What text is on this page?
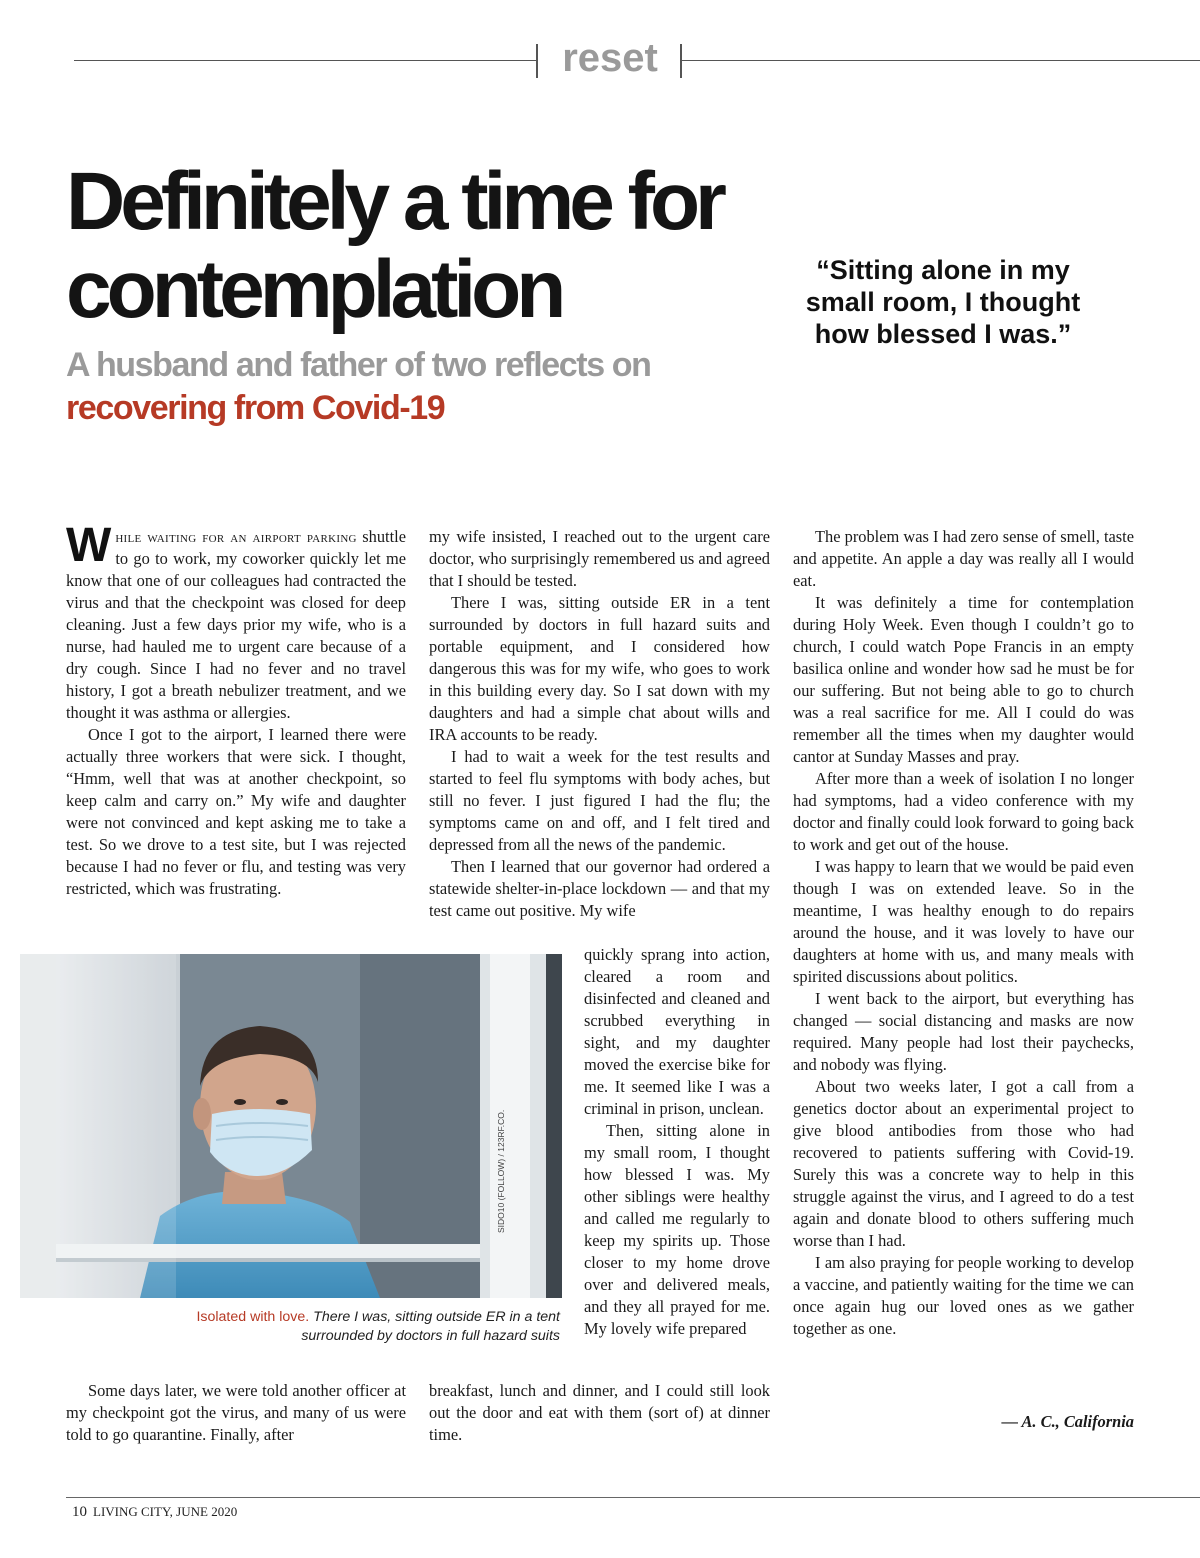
reset
Definitely a time for contemplation
A husband and father of two reflects on recovering from Covid-19

“Sitting alone in my small room, I thought how blessed I was.”

While waiting for an airport parking shuttle to go to work, my coworker quickly let me know that one of our colleagues had contracted the virus and that the checkpoint was closed for deep cleaning. Just a few days prior my wife, who is a nurse, had hauled me to urgent care because of a dry cough. Since I had no fever and no travel history, I got a breath nebulizer treatment, and we thought it was asthma or allergies.

Once I got to the airport, I learned there were actually three workers that were sick. I thought, “Hmm, well that was at another checkpoint, so keep calm and carry on.” My wife and daughter were not convinced and kept asking me to take a test. So we drove to a test site, but I was rejected because I had no fever or flu, and testing was very restricted, which was frustrating.

Some days later, we were told another officer at my checkpoint got the virus, and many of us were told to go quarantine. Finally, after

my wife insisted, I reached out to the urgent care doctor, who surprisingly remembered us and agreed that I should be tested.

There I was, sitting outside ER in a tent surrounded by doctors in full hazard suits and portable equipment, and I considered how dangerous this was for my wife, who goes to work in this building every day. So I sat down with my daughters and had a simple chat about wills and IRA accounts to be ready.

I had to wait a week for the test results and started to feel flu symptoms with body aches, but still no fever. I just figured I had the flu; the symptoms came on and off, and I felt tired and depressed from all the news of the pandemic.

Then I learned that our governor had ordered a statewide shelter-in-place lockdown — and that my test came out positive. My wife

quickly sprang into action, cleared a room and disinfected and cleaned and scrubbed everything in sight, and my daughter moved the exercise bike for me. It seemed like I was a criminal in prison, unclean.

Then, sitting alone in my small room, I thought how blessed I was. My other siblings were healthy and called me regularly to keep my spirits up. Those closer to my home drove over and delivered meals, and they all prayed for me. My lovely wife prepared

breakfast, lunch and dinner, and I could still look out the door and eat with them (sort of) at dinner time.

The problem was I had zero sense of smell, taste and appetite. An apple a day was really all I would eat.

It was definitely a time for contemplation during Holy Week. Even though I couldn’t go to church, I could watch Pope Francis in an empty basilica online and wonder how sad he must be for our suffering. But not being able to go to church was a real sacrifice for me. All I could do was remember all the times when my daughter would cantor at Sunday Masses and pray.

After more than a week of isolation I no longer had symptoms, had a video conference with my doctor and finally could look forward to going back to work and get out of the house.

I was happy to learn that we would be paid even though I was on extended leave. So in the meantime, I was healthy enough to do repairs around the house, and it was lovely to have our daughters at home with us, and many meals with spirited discussions about politics.

I went back to the airport, but everything has changed — social distancing and masks are now required. Many people had lost their paychecks, and nobody was flying.

About two weeks later, I got a call from a genetics doctor about an experimental project to give blood antibodies from those who had recovered to patients suffering with Covid-19. Surely this was a concrete way to help in this struggle against the virus, and I agreed to do a test again and donate blood to others suffering much worse than I had.

I am also praying for people working to develop a vaccine, and patiently waiting for the time we can once again hug our loved ones as we gather together as one.

— A. C., California
SIDO10 (FOLLOW) / 123RF.CO.

Isolated with love. There I was, sitting outside ER in a tent surrounded by doctors in full hazard suits

10 LIVING CITY, JUNE 2020
